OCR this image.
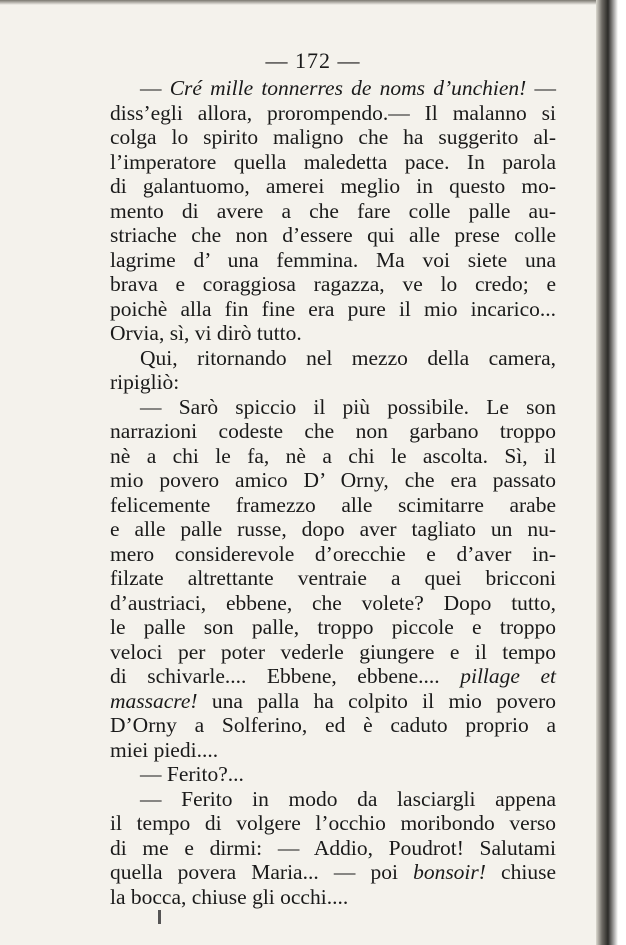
— 172 —
— Cré mille tonnerres de noms d’unchien! —
diss’egli allora, prorompendo.— Il malanno si
colga lo spirito maligno che ha suggerito al-
l’imperatore quella maledetta pace. In parola
di galantuomo, amerei meglio in questo mo-
mento di avere a che fare colle palle au-
striache che non d’essere qui alle prese colle
lagrime d’ una femmina. Ma voi siete una
brava e coraggiosa ragazza, ve lo credo; e
poichè alla fin fine era pure il mio incarico...
Orvia, sì, vi dirò tutto.
Qui, ritornando nel mezzo della camera,
ripigliò:
— Sarò spiccio il più possibile. Le son
narrazioni codeste che non garbano troppo
nè a chi le fa, nè a chi le ascolta. Sì, il
mio povero amico D’ Orny, che era passato
felicemente framezzo alle scimitarre arabe
e alle palle russe, dopo aver tagliato un nu-
mero considerevole d’orecchie e d’aver in-
filzate altrettante ventraie a quei bricconi
d’austriaci, ebbene, che volete? Dopo tutto,
le palle son palle, troppo piccole e troppo
veloci per poter vederle giungere e il tempo
di schivarle.... Ebbene, ebbene.... pillage et
massacre! una palla ha colpito il mio povero
D’Orny a Solferino, ed è caduto proprio a
miei piedi....
— Ferito?...
— Ferito in modo da lasciargli appena
il tempo di volgere l’occhio moribondo verso
di me e dirmi: — Addio, Poudrot! Salutami
quella povera Maria... — poi bonsoir! chiuse
la bocca, chiuse gli occhi....
